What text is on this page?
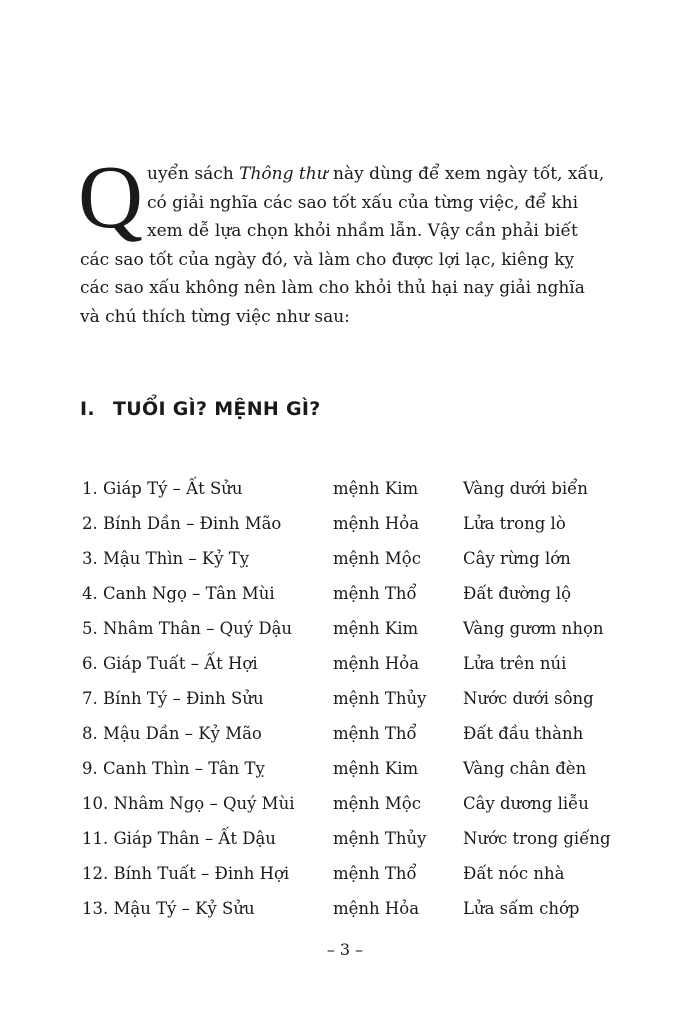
Quyển sách Thông thư này dùng để xem ngày tốt, xấu, có giải nghĩa các sao tốt xấu của từng việc, để khi xem dễ lựa chọn khỏi nhầm lẫn. Vậy cần phải biết các sao tốt của ngày đó, và làm cho được lợi lạc, kiêng kỵ các sao xấu không nên làm cho khỏi thủ hại nay giải nghĩa và chú thích từng việc như sau:
I. TUỔI GÌ? MỆNH GÌ?
1. Giáp Tý – Ất Sửu	mệnh Kim	Vàng dưới biển
2. Bính Dần – Đinh Mão	mệnh Hỏa	Lửa trong lò
3. Mậu Thìn – Kỷ Tỵ	mệnh Mộc	Cây rừng lớn
4. Canh Ngọ – Tân Mùi	mệnh Thổ	Đất đường lộ
5. Nhâm Thân – Quý Dậu mệnh Kim	Vàng gươm nhọn
6. Giáp Tuất – Ất Hợi	mệnh Hỏa	Lửa trên núi
7. Bính Tý – Đinh Sửu	mệnh Thủy Nước dưới sông
8. Mậu Dần – Kỷ Mão	mệnh Thổ	Đất đầu thành
9. Canh Thìn – Tân Tỵ	mệnh Kim	Vàng chân đèn
10. Nhâm Ngọ – Quý Mùi mệnh Mộc	Cây dương liễu
11. Giáp Thân – Ất Dậu	mệnh Thủy Nước trong giếng
12. Bính Tuất – Đinh Hợi	mệnh Thổ	Đất nóc nhà
13. Mậu Tý – Kỷ Sửu	mệnh Hỏa	Lửa sấm chớp
– 3 –
